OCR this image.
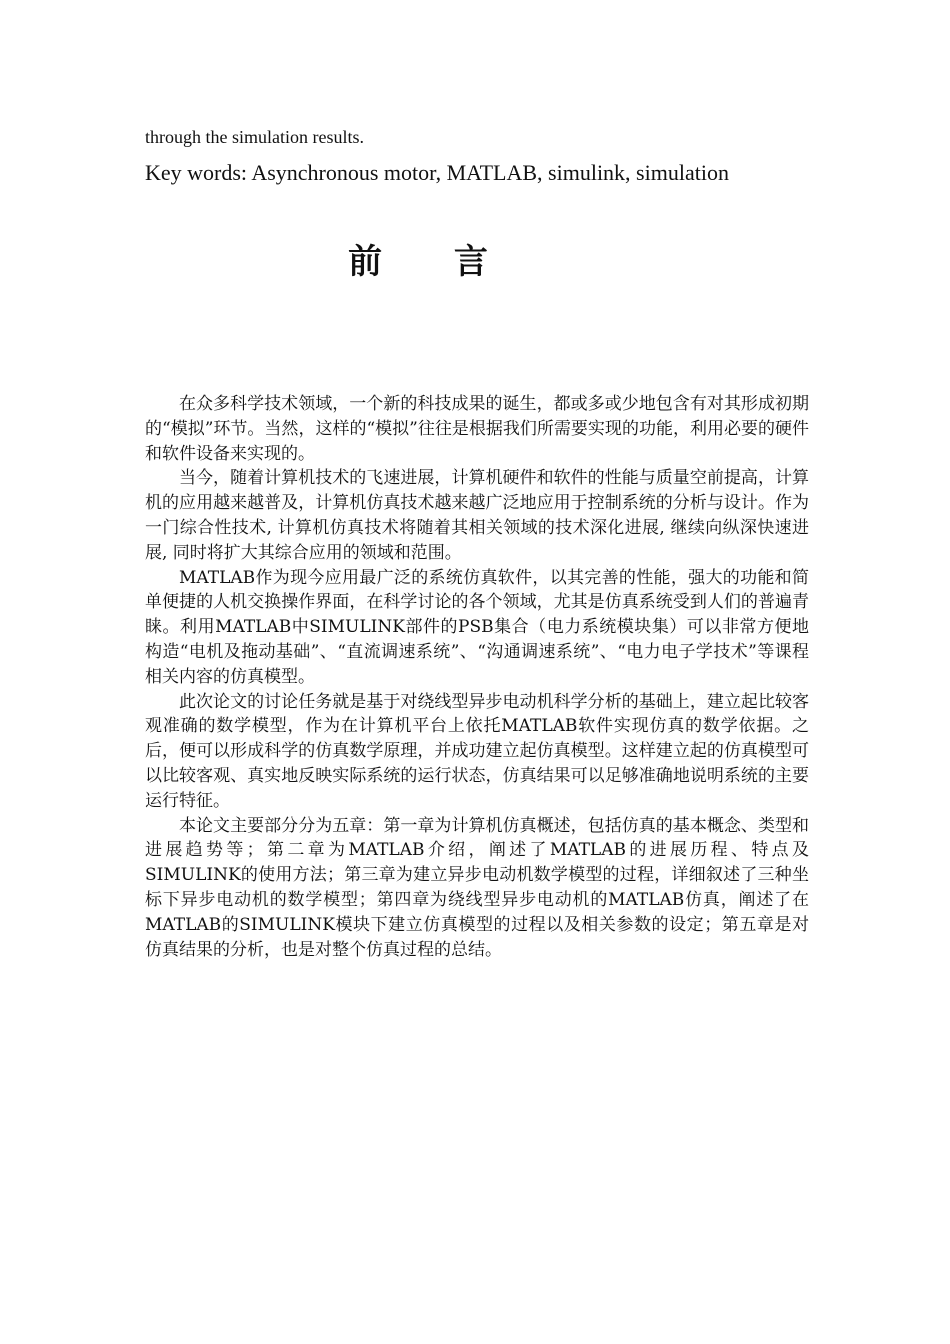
through the simulation results.
Key words: Asynchronous motor, MATLAB, simulink, simulation
前 言

在众多科学技术领域，一个新的科技成果的诞生，都或多或少地包含有对其形成初期的“模拟”环节。当然，这样的“模拟”往往是根据我们所需要实现的功能，利用必要的硬件和软件设备来实现的。

当今，随着计算机技术的飞速进展，计算机硬件和软件的性能与质量空前提高，计算机的应用越来越普及，计算机仿真技术越来越广泛地应用于控制系统的分析与设计。作为一门综合性技术, 计算机仿真技术将随着其相关领域的技术深化进展, 继续向纵深快速进展, 同时将扩大其综合应用的领域和范围。

MATLAB作为现今应用最广泛的系统仿真软件，以其完善的性能，强大的功能和简单便捷的人机交换操作界面，在科学讨论的各个领域，尤其是仿真系统受到人们的普遍青睐。利用MATLAB中SIMULINK部件的PSB集合（电力系统模块集）可以非常方便地构造“电机及拖动基础”、“直流调速系统”、“沟通调速系统”、“电力电子学技术”等课程相关内容的仿真模型。

此次论文的讨论任务就是基于对绕线型异步电动机科学分析的基础上，建立起比较客观准确的数学模型，作为在计算机平台上依托MATLAB软件实现仿真的数学依据。之后，便可以形成科学的仿真数学原理，并成功建立起仿真模型。这样建立起的仿真模型可以比较客观、真实地反映实际系统的运行状态，仿真结果可以足够准确地说明系统的主要运行特征。

本论文主要部分分为五章：第一章为计算机仿真概述，包括仿真的基本概念、类型和进展趋势等；第二章为MATLAB介绍，阐述了MATLAB的进展历程、特点及SIMULINK的使用方法；第三章为建立异步电动机数学模型的过程，详细叙述了三种坐标下异步电动机的数学模型；第四章为绕线型异步电动机的MATLAB仿真，阐述了在MATLAB的SIMULINK模块下建立仿真模型的过程以及相关参数的设定；第五章是对仿真结果的分析，也是对整个仿真过程的总结。
